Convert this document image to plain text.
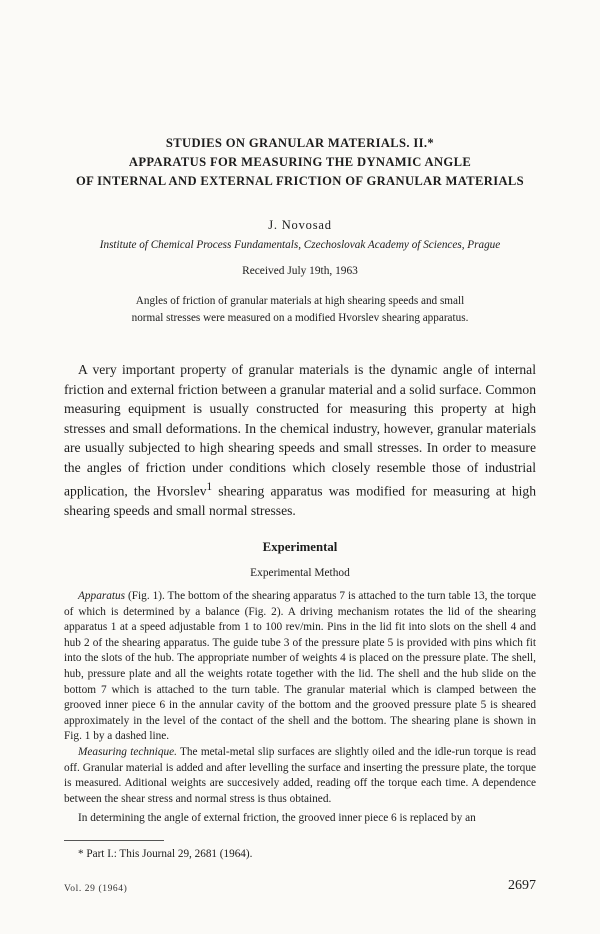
STUDIES ON GRANULAR MATERIALS. II.*
APPARATUS FOR MEASURING THE DYNAMIC ANGLE
OF INTERNAL AND EXTERNAL FRICTION OF GRANULAR MATERIALS
J. Novosad
Institute of Chemical Process Fundamentals, Czechoslovak Academy of Sciences, Prague
Received July 19th, 1963
Angles of friction of granular materials at high shearing speeds and small
normal stresses were measured on a modified Hvorslev shearing apparatus.

A very important property of granular materials is the dynamic angle of internal friction and external friction between a granular material and a solid surface. Common measuring equipment is usually constructed for measuring this property at high stresses and small deformations. In the chemical industry, however, granular materials are usually subjected to high shearing speeds and small stresses. In order to measure the angles of friction under conditions which closely resemble those of industrial application, the Hvorslev$^1$ shearing apparatus was modified for measuring at high shearing speeds and small normal stresses.

Experimental
Experimental Method

Apparatus (Fig. 1). The bottom of the shearing apparatus 7 is attached to the turn table 13, the torque of which is determined by a balance (Fig. 2). A driving mechanism rotates the lid of the shearing apparatus 1 at a speed adjustable from 1 to 100 rev/min. Pins in the lid fit into slots on the shell 4 and hub 2 of the shearing apparatus. The guide tube 3 of the pressure plate 5 is provided with pins which fit into the slots of the hub. The appropriate number of weights 4 is placed on the pressure plate. The shell, hub, pressure plate and all the weights rotate together with the lid. The shell and the hub slide on the bottom 7 which is attached to the turn table. The granular material which is clamped between the grooved inner piece 6 in the annular cavity of the bottom and the grooved pressure plate 5 is sheared approximately in the level of the contact of the shell and the bottom. The shearing plane is shown in Fig. 1 by a dashed line.

Measuring technique. The metal-metal slip surfaces are slightly oiled and the idle-run torque is read off. Granular material is added and after levelling the surface and inserting the pressure plate, the torque is measured. Aditional weights are succesively added, reading off the torque each time. A dependence between the shear stress and normal stress is thus obtained.

In determining the angle of external friction, the grooved inner piece 6 is replaced by an

* Part I.: This Journal 29, 2681 (1964).
Vol. 29 (1964)	2697
